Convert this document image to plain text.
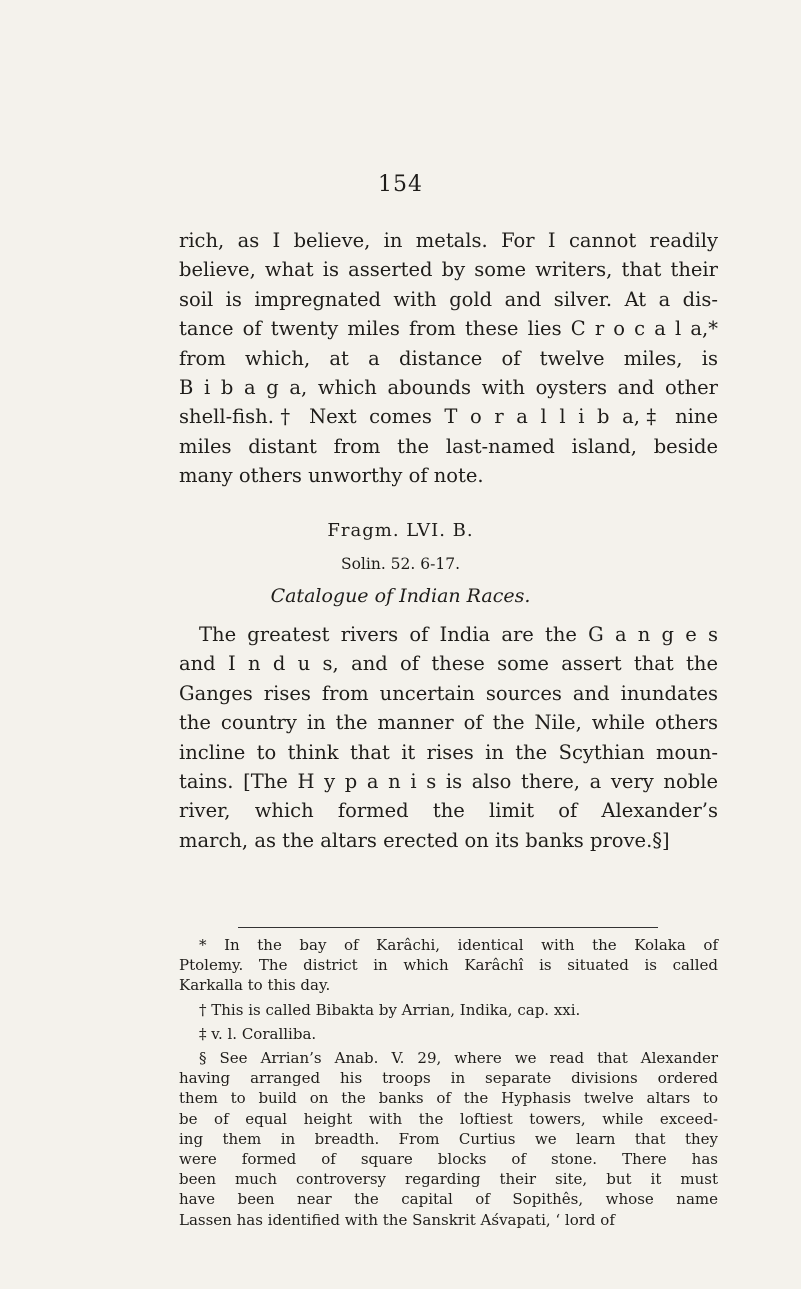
154
rich, as I believe, in metals. For I cannot readily
believe, what is asserted by some writers, that their
soil is impregnated with gold and silver. At a dis-
tance of twenty miles from these lies C r o c a l a,*
from which, at a distance of twelve miles, is
B i b a g a, which abounds with oysters and other
shell-fish.† Next comes T o r a l l i b a,‡ nine
miles distant from the last-named island, beside
many others unworthy of note.
Fragm. LVI. B.
Solin. 52. 6-17.
Catalogue of Indian Races.
The greatest rivers of India are the G a n g e s
and I n d u s, and of these some assert that the
Ganges rises from uncertain sources and inundates
the country in the manner of the Nile, while others
incline to think that it rises in the Scythian moun-
tains. [The H y p a n i s is also there, a very noble
river, which formed the limit of Alexander’s
march, as the altars erected on its banks prove.§]
* In the bay of Karâchi, identical with the Kolaka of
Ptolemy. The district in which Karâchî is situated is called
Karkalla to this day.
† This is called Bibakta by Arrian, Indika, cap. xxi.
‡ v. l. Coralliba.
§ See Arrian’s Anab. V. 29, where we read that Alexander
having arranged his troops in separate divisions ordered
them to build on the banks of the Hyphasis twelve altars to
be of equal height with the loftiest towers, while exceed-
ing them in breadth. From Curtius we learn that they
were formed of square blocks of stone. There has
been much controversy regarding their site, but it must
have been near the capital of Sopithês, whose name
Lassen has identified with the Sanskrit Aśvapati, ‘ lord of
